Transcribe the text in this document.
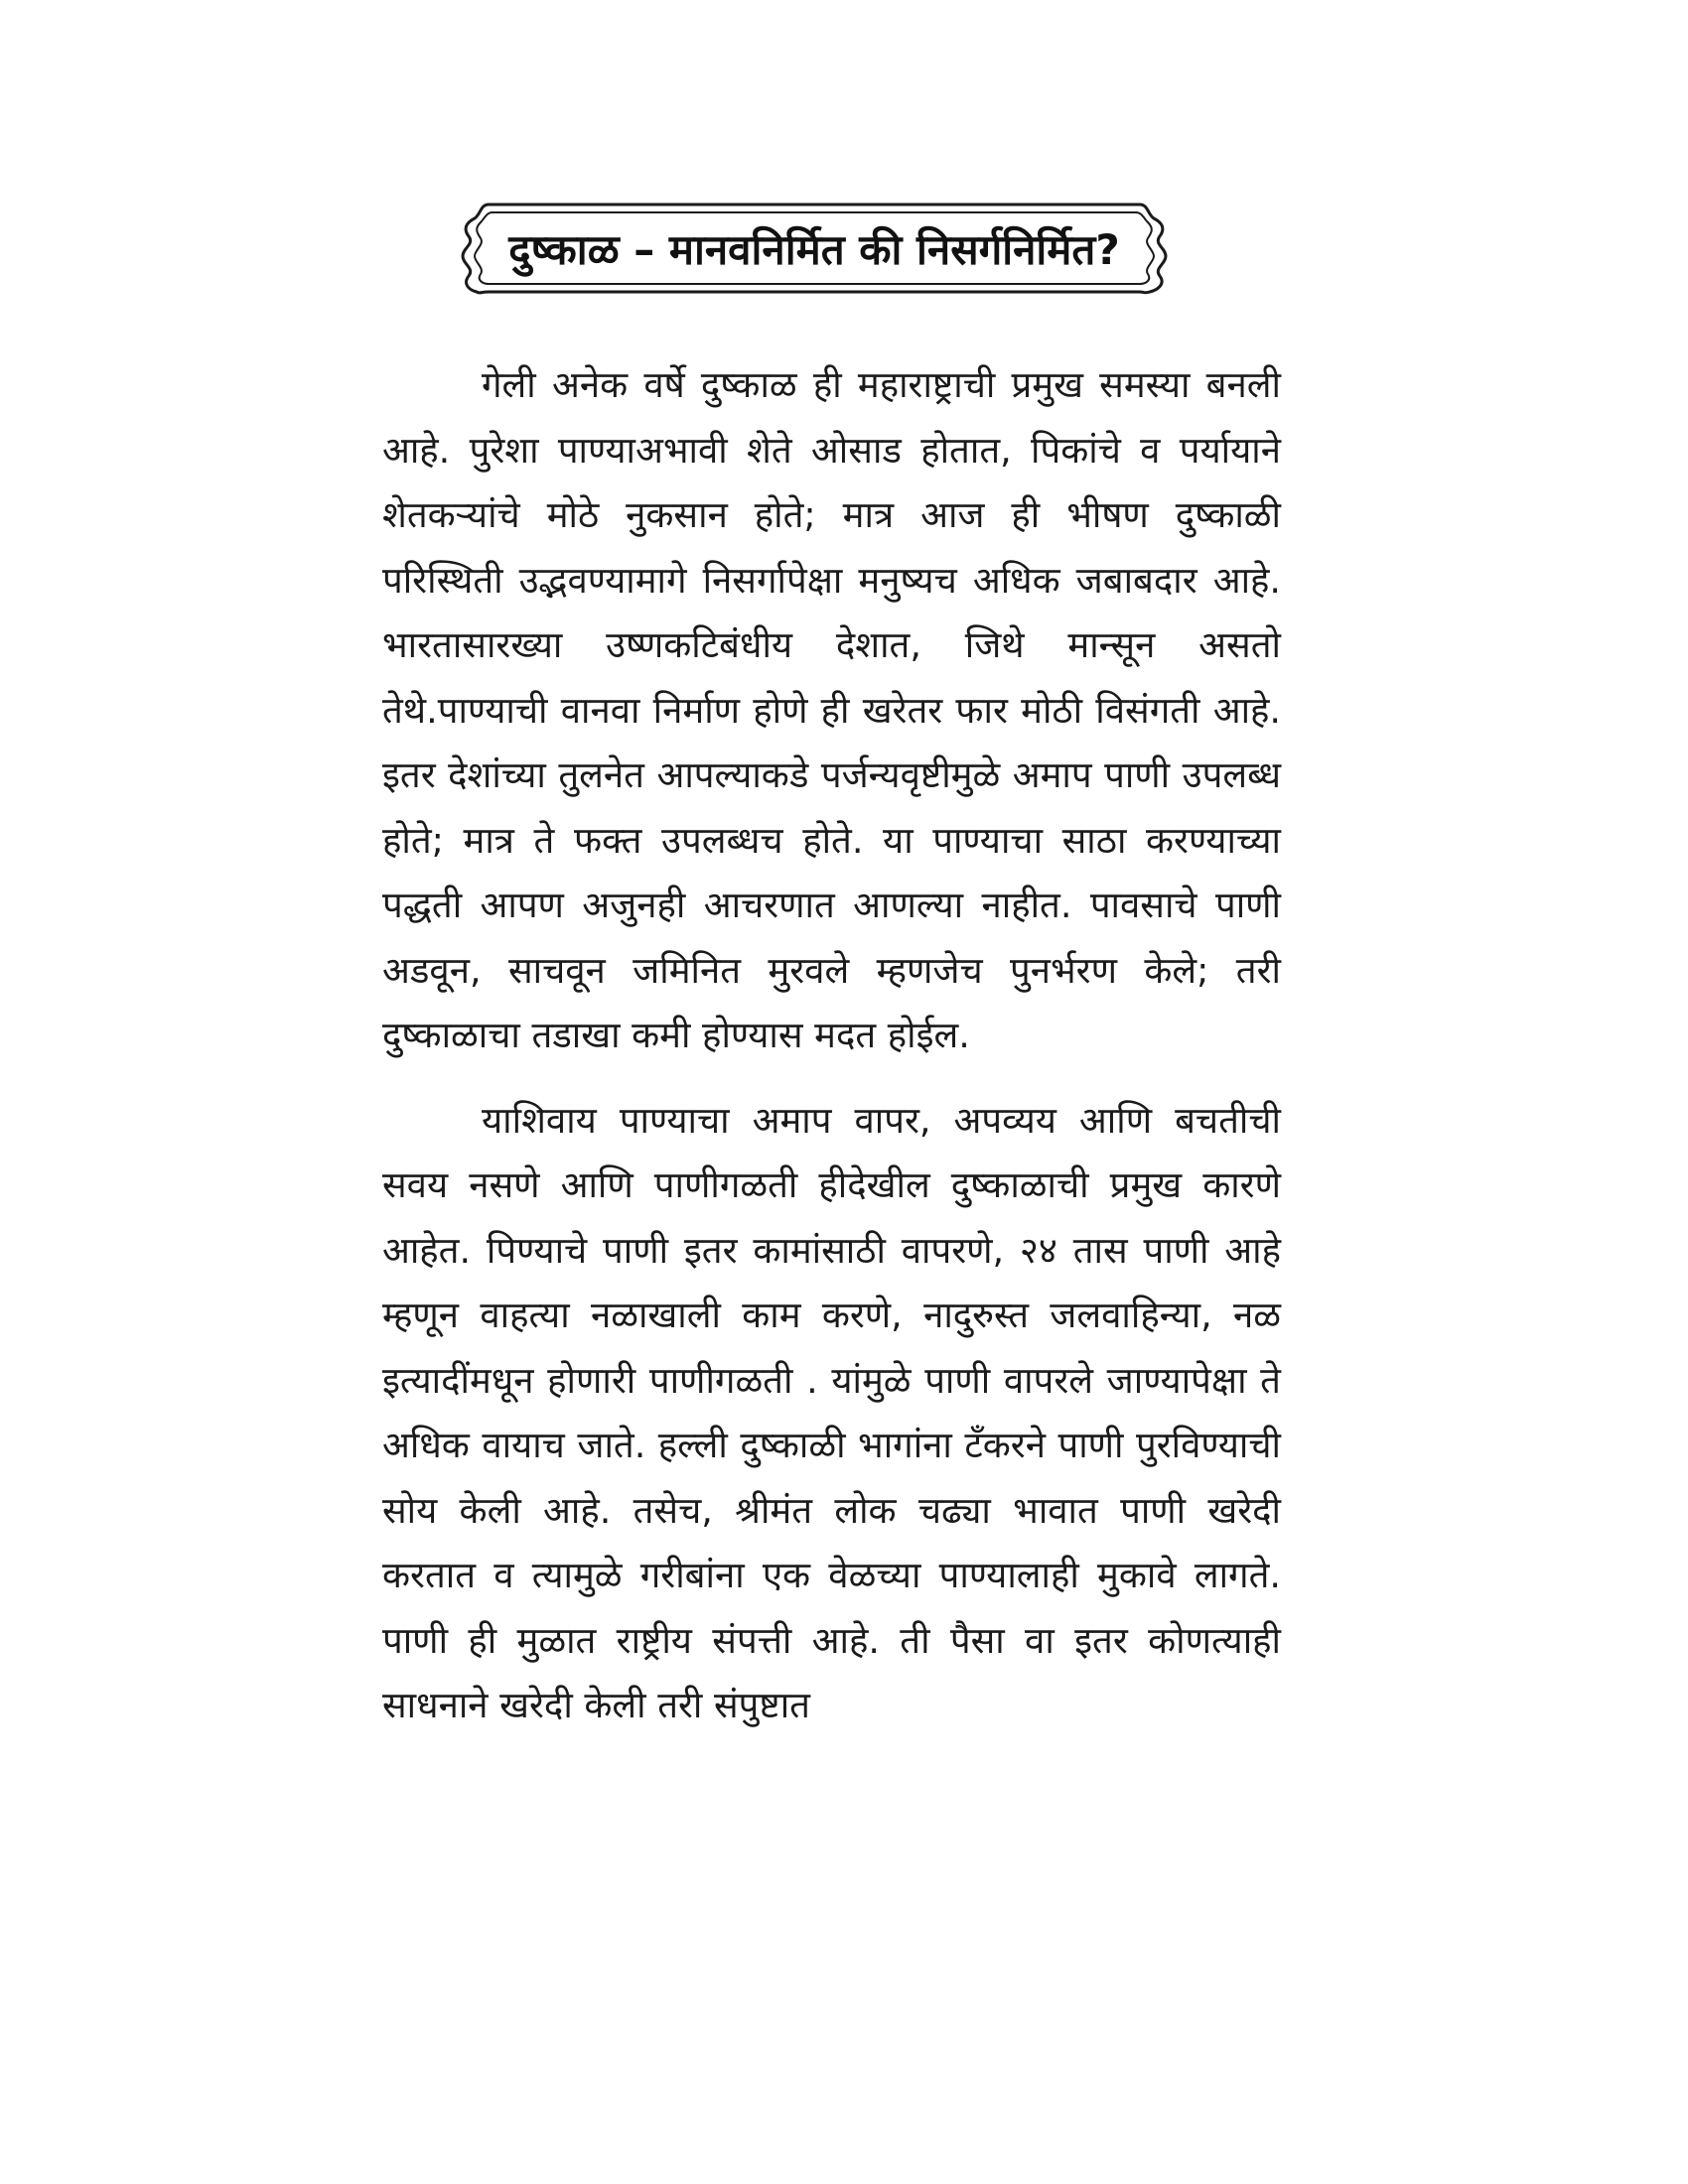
दुष्काळ – मानवनिर्मित की निसर्गनिर्मित?

गेली अनेक वर्षे दुष्काळ ही महाराष्ट्राची प्रमुख समस्या बनली आहे. पुरेशा पाण्याअभावी शेते ओसाड होतात, पिकांचे व पर्यायाने शेतकऱ्यांचे मोठे नुकसान होते; मात्र आज ही भीषण दुष्काळी परिस्थिती उद्भवण्यामागे निसर्गापेक्षा मनुष्यच अधिक जबाबदार आहे. भारतासारख्या उष्णकटिबंधीय देशात, जिथे मान्सून असतो तेथे.पाण्याची वानवा निर्माण होणे ही खरेतर फार मोठी विसंगती आहे. इतर देशांच्या तुलनेत आपल्याकडे पर्जन्यवृष्टीमुळे अमाप पाणी उपलब्ध होते; मात्र ते फक्त उपलब्धच होते. या पाण्याचा साठा करण्याच्या पद्धती आपण अजुनही आचरणात आणल्या नाहीत. पावसाचे पाणी अडवून, साचवून जमिनित मुरवले म्हणजेच पुनर्भरण केले; तरी दुष्काळाचा तडाखा कमी होण्यास मदत होईल.

याशिवाय पाण्याचा अमाप वापर, अपव्यय आणि बचतीची सवय नसणे आणि पाणीगळती हीदेखील दुष्काळाची प्रमुख कारणे आहेत. पिण्याचे पाणी इतर कामांसाठी वापरणे, २४ तास पाणी आहे म्हणून वाहत्या नळाखाली काम करणे, नादुरुस्त जलवाहिन्या, नळ इत्यादींमधून होणारी पाणीगळती . यांमुळे पाणी वापरले जाण्यापेक्षा ते अधिक वायाच जाते. हल्ली दुष्काळी भागांना टँकरने पाणी पुरविण्याची सोय केली आहे. तसेच, श्रीमंत लोक चढ्या भावात पाणी खरेदी करतात व त्यामुळे गरीबांना एक वेळच्या पाण्यालाही मुकावे लागते. पाणी ही मुळात राष्ट्रीय संपत्ती आहे. ती पैसा वा इतर कोणत्याही साधनाने खरेदी केली तरी संपुष्टात
